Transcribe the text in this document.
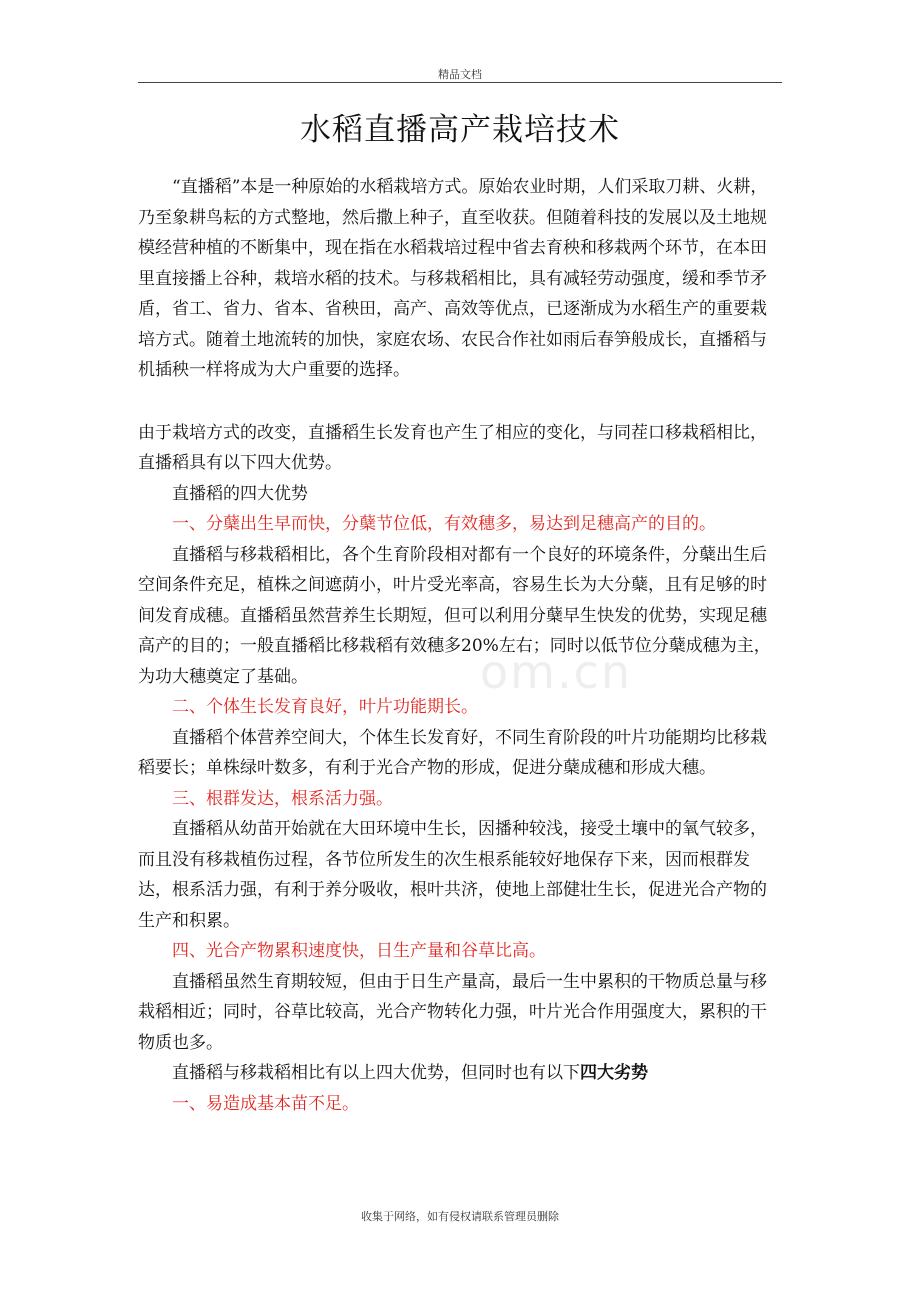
精品文档
水稻直播高产栽培技术
om.cn

“直播稻”本是一种原始的水稻栽培方式。原始农业时期，人们采取刀耕、火耕，乃至象耕鸟耘的方式整地，然后撒上种子，直至收获。但随着科技的发展以及土地规模经营种植的不断集中，现在指在水稻栽培过程中省去育秧和移栽两个环节，在本田里直接播上谷种，栽培水稻的技术。与移栽稻相比，具有减轻劳动强度，缓和季节矛盾，省工、省力、省本、省秧田，高产、高效等优点，已逐渐成为水稻生产的重要栽培方式。随着土地流转的加快，家庭农场、农民合作社如雨后春笋般成长，直播稻与机插秧一样将成为大户重要的选择。

由于栽培方式的改变，直播稻生长发育也产生了相应的变化，与同茬口移栽稻相比，直播稻具有以下四大优势。

直播稻的四大优势

一、分蘖出生早而快，分蘖节位低，有效穗多，易达到足穗高产的目的。

直播稻与移栽稻相比，各个生育阶段相对都有一个良好的环境条件，分蘖出生后空间条件充足，植株之间遮荫小，叶片受光率高，容易生长为大分蘖，且有足够的时间发育成穗。直播稻虽然营养生长期短，但可以利用分蘖早生快发的优势，实现足穗高产的目的；一般直播稻比移栽稻有效穗多20%左右；同时以低节位分蘖成穗为主，为功大穗奠定了基础。

二、个体生长发育良好，叶片功能期长。

直播稻个体营养空间大，个体生长发育好，不同生育阶段的叶片功能期均比移栽稻要长；单株绿叶数多，有利于光合产物的形成，促进分蘖成穗和形成大穗。

三、根群发达，根系活力强。

直播稻从幼苗开始就在大田环境中生长，因播种较浅，接受土壤中的氧气较多，而且没有移栽植伤过程，各节位所发生的次生根系能较好地保存下来，因而根群发达，根系活力强，有利于养分吸收，根叶共济，使地上部健壮生长，促进光合产物的生产和积累。

四、光合产物累积速度快，日生产量和谷草比高。

直播稻虽然生育期较短，但由于日生产量高，最后一生中累积的干物质总量与移栽稻相近；同时，谷草比较高，光合产物转化力强，叶片光合作用强度大，累积的干物质也多。

直播稻与移栽稻相比有以上四大优势，但同时也有以下四大劣势

一、易造成基本苗不足。

收集于网络，如有侵权请联系管理员删除
